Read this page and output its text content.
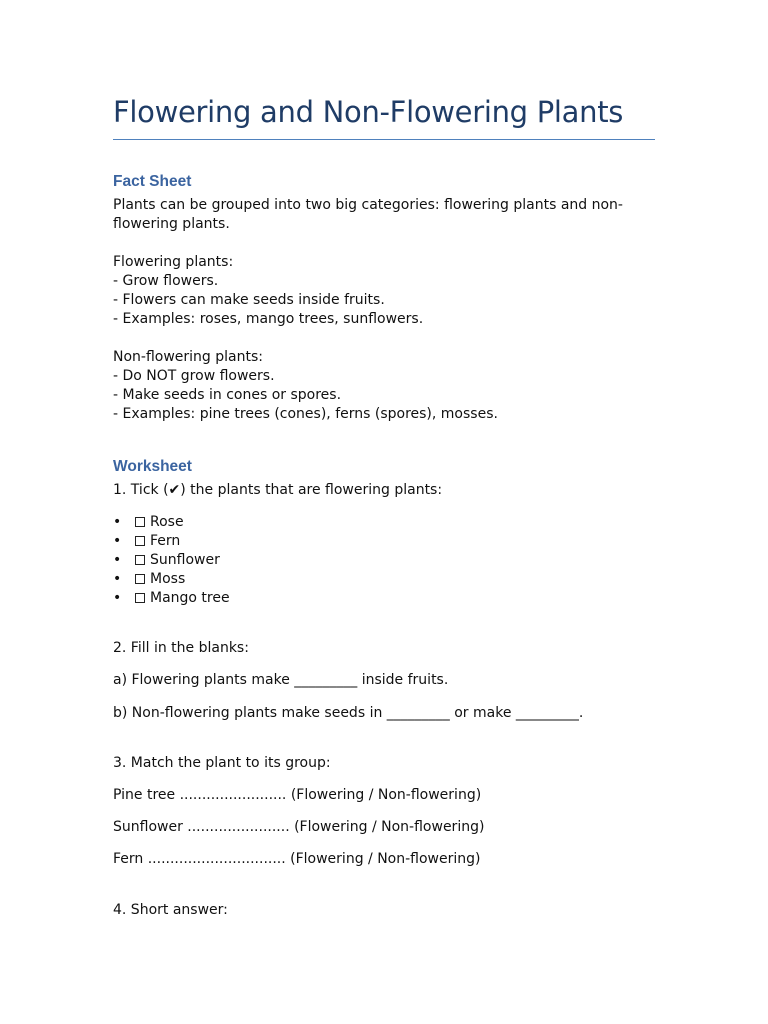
Flowering and Non-Flowering Plants
Fact Sheet

Plants can be grouped into two big categories: flowering plants and non-flowering plants.

Flowering plants:

- Grow flowers.

- Flowers can make seeds inside fruits.

- Examples: roses, mango trees, sunflowers.

Non-flowering plants:

- Do NOT grow flowers.

- Make seeds in cones or spores.

- Examples: pine trees (cones), ferns (spores), mosses.

Worksheet

1. Tick (✔) the plants that are flowering plants:

•	Rose
•	Fern
•	Sunflower
•	Moss
•	Mango tree

2. Fill in the blanks:

a) Flowering plants make _________ inside fruits.

b) Non-flowering plants make seeds in _________ or make _________.

3. Match the plant to its group:

Pine tree ........................ (Flowering / Non-flowering)

Sunflower ....................... (Flowering / Non-flowering)

Fern ............................... (Flowering / Non-flowering)

4. Short answer:
